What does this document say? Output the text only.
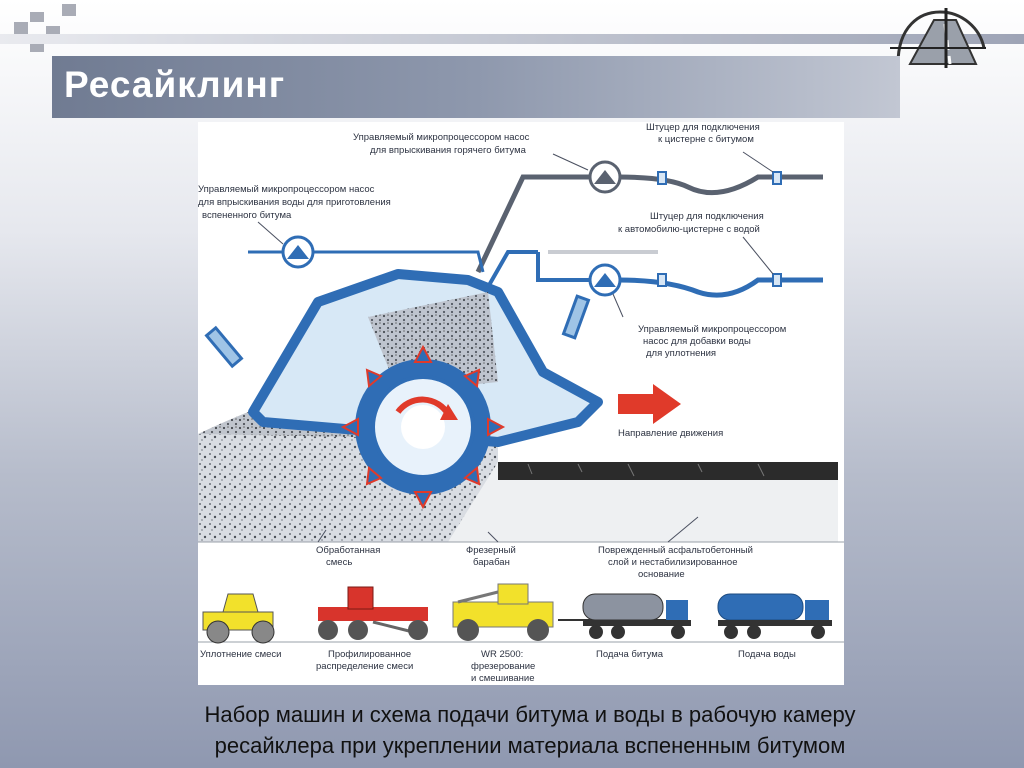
Ресайклинг
Управляемый микропроцессором насос для впрыскивания горячего битума
Штуцер для подключения к цистерне с битумом
Управляемый микропроцессором насос для впрыскивания воды для приготовления вспененного битума	Штуцер для подключения к автомобилю-цистерне с водой
Управляемый микропроцессором насос для добавки воды для уплотнения
Направление движения
Обработанная смесь
Фрезерный барабан
Поврежденный асфальтобетонный слой и нестабилизированное основание
Уплотнение смеси	Профилированное распределение смеси
WR 2500: фрезерование и смешивание
Подача битума	Подача воды
Набор машин и схема подачи битума и воды в рабочую камеру
ресайклера при укреплении материала вспененным битумом
